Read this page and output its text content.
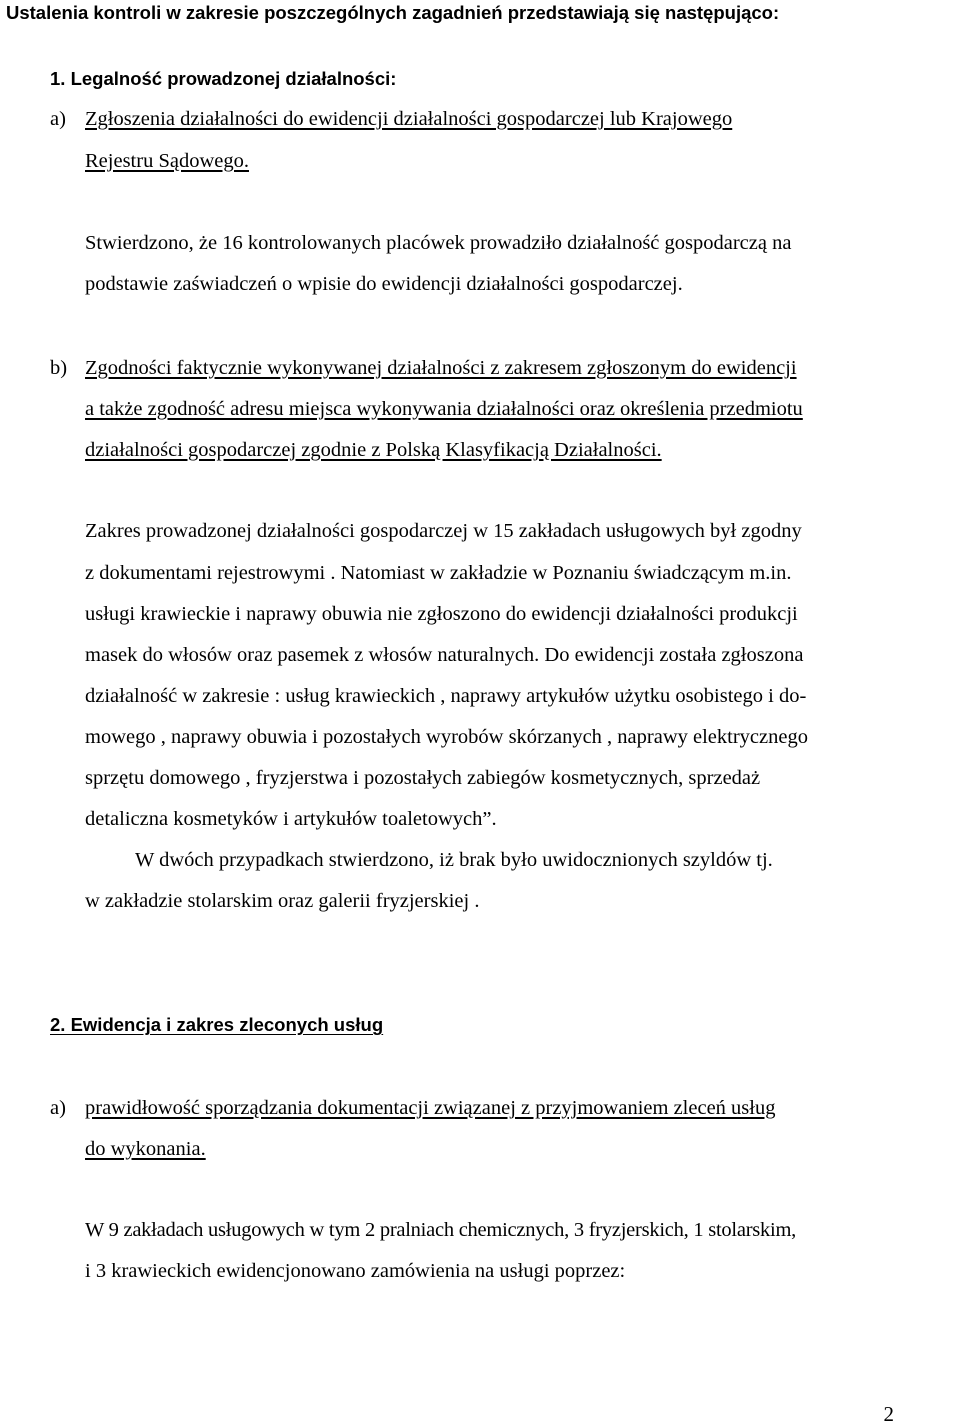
Ustalenia kontroli w zakresie poszczególnych zagadnień przedstawiają się następująco:
1. Legalność prowadzonej działalności:
a) Zgłoszenia działalności do ewidencji działalności gospodarczej lub Krajowego
Rejestru Sądowego.
Stwierdzono, że 16 kontrolowanych placówek prowadziło działalność gospodarczą na
podstawie zaświadczeń o wpisie do ewidencji działalności gospodarczej.
b) Zgodności faktycznie wykonywanej działalności z zakresem zgłoszonym do ewidencji
a także zgodność adresu miejsca wykonywania działalności oraz określenia przedmiotu
działalności gospodarczej zgodnie z Polską Klasyfikacją Działalności.
Zakres prowadzonej działalności gospodarczej w 15 zakładach usługowych był zgodny
z dokumentami rejestrowymi . Natomiast w zakładzie w Poznaniu świadczącym m.in.
usługi krawieckie i naprawy obuwia nie zgłoszono do ewidencji działalności produkcji
masek do włosów oraz pasemek z włosów naturalnych. Do ewidencji została zgłoszona
działalność w zakresie : usług krawieckich , naprawy artykułów użytku osobistego i do-
mowego , naprawy obuwia i pozostałych wyrobów skórzanych , naprawy elektrycznego
sprzętu domowego , fryzjerstwa i pozostałych zabiegów kosmetycznych, sprzedaż
detaliczna kosmetyków i artykułów toaletowych”.
W dwóch przypadkach stwierdzono, iż brak było uwidocznionych szyldów tj.
w zakładzie stolarskim oraz galerii fryzjerskiej .
2. Ewidencja i zakres zleconych usług
a) prawidłowość sporządzania dokumentacji związanej z przyjmowaniem zleceń usług
do wykonania.
W 9 zakładach usługowych w tym 2 pralniach chemicznych, 3 fryzjerskich, 1 stolarskim,
i 3 krawieckich ewidencjonowano zamówienia na usługi poprzez:
2
